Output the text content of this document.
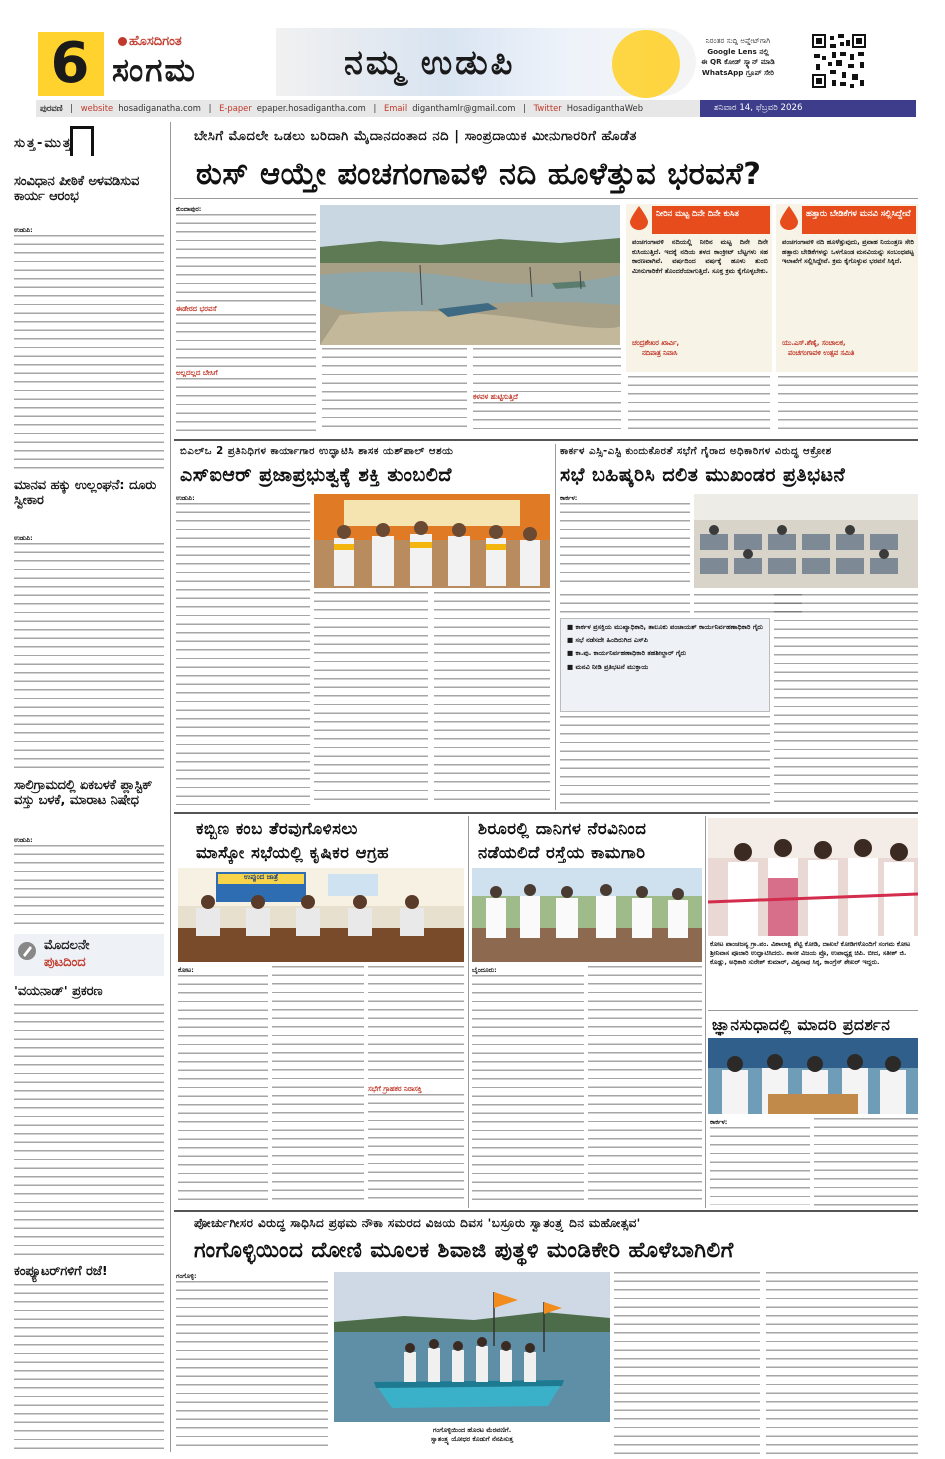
6	ಹೊಸದಿಗಂತ
ಸಂಗಮ	ನಮ್ಮ ಉಡುಪಿ
ನಿರಂತರ ಸುದ್ದಿ ಅಪ್ಡೇಟ್‌ಗಾಗಿ
Google Lens ನಲ್ಲಿ
ಈ QR ಕೋಡ್ ಸ್ಕ್ಯಾನ್ ಮಾಡಿ
WhatsApp ಗ್ರೂಪ್ ಸೇರಿ
ಪುರವಣಿ | website hosadiganatha.com | E-paper epaper.hosadigantha.com | Email diganthamlr@gmail.com | Twitter HosadiganthaWeb	ಶನಿವಾರ 14, ಫೆಬ್ರವರಿ 2026
ಸುತ್ತ-ಮುತ್ತ
ಸಂವಿಧಾನ ಪೀಠಿಕೆ ಅಳವಡಿಸುವ ಕಾರ್ಯ ಆರಂಭ
ಉಡುಪಿ:
ಮಾನವ ಹಕ್ಕು ಉಲ್ಲಂಘನೆ: ದೂರು ಸ್ವೀಕಾರ
ಉಡುಪಿ:
ಸಾಲಿಗ್ರಾಮದಲ್ಲಿ ಏಕಬಳಕೆ ಪ್ಲಾಸ್ಟಿಕ್ ವಸ್ತು ಬಳಕೆ, ಮಾರಾಟ ನಿಷೇಧ
ಉಡುಪಿ:
ಮೊದಲನೇ
ಪುಟದಿಂದ
'ವಯನಾಡ್' ಪ್ರಕರಣ
ಕಂಪ್ಯೂಟರ್‌ಗಳಿಗೆ ರಜೆ!
ಬೇಸಿಗೆ ಮೊದಲೇ ಒಡಲು ಬರಿದಾಗಿ ಮೈದಾನದಂತಾದ ನದಿ | ಸಾಂಪ್ರದಾಯಿಕ ಮೀನುಗಾರರಿಗೆ ಹೊಡೆತ
ಠುಸ್ ಆಯ್ತೇ ಪಂಚಗಂಗಾವಳಿ ನದಿ ಹೂಳೆತ್ತುವ ಭರವಸೆ?
ಕುಂದಾಪುರ:
ಈಡೇರದ ಭರವಸೆ
ಅಲ್ಲದಲ್ಲದ ಬೇಸಿಗೆ
ಕಳವಳ ಹುಟ್ಟಿಸುತ್ತಿದೆ
ನೀರಿನ ಮಟ್ಟ ದಿನೇ ದಿನೇ ಕುಸಿತ
ಪಂಚಗಂಗಾವಳಿ ನದಿಯಲ್ಲಿ ನೀರಿನ ಮಟ್ಟ ದಿನೇ ದಿನೇ ಕುಸಿಯುತ್ತಿದೆ. ಇದಕ್ಕೆ ನದಿಯ ತಳದ ಕಾಂಕ್ರೀಟ್ ಬೆಟ್ಟಗಳು ಸಹ ಕಾರಣವಾಗಿವೆ. ವರ್ಷದಿಂದ ವರ್ಷಕ್ಕೆ ಹೂಳು ತುಂಬಿ ಮೀನುಗಾರಿಕೆಗೆ ತೊಂದರೆಯಾಗುತ್ತಿದೆ. ಸೂಕ್ತ ಕ್ರಮ ಕೈಗೊಳ್ಳಬೇಕು.
ಚಂದ್ರಶೇಖರ ಖಾರ್ವಿ,
ನದಿಪಾತ್ರ ನಿವಾಸಿ
ಹತ್ತಾರು ಬೇಡಿಕೆಗಳ ಮನವಿ ಸಲ್ಲಿಸಿದ್ದೇವೆ
ಪಂಚಗಂಗಾವಳಿ ನದಿ ಹೂಳೆತ್ತುವುದು, ಪ್ರವಾಹ ನಿಯಂತ್ರಣ ಸೇರಿ ಹತ್ತಾರು ಬೇಡಿಕೆಗಳನ್ನು ಒಳಗೊಂಡ ಮನವಿಯನ್ನು ಸಂಬಂಧಪಟ್ಟ ಇಲಾಖೆಗೆ ಸಲ್ಲಿಸಿದ್ದೇವೆ. ಕ್ರಮ ಕೈಗೊಳ್ಳುವ ಭರವಸೆ ಸಿಕ್ಕಿದೆ.
ಯು.ಎಸ್.ಶೆಣೈ, ಸಂಚಾಲಕ,
ಪಂಚಗಂಗಾವಳಿ ಉತ್ಸವ ಸಮಿತಿ
ಬಿಎಲ್‌ಒ 2 ಪ್ರತಿನಿಧಿಗಳ ಕಾರ್ಯಾಗಾರ ಉದ್ಘಾಟಿಸಿ ಶಾಸಕ ಯಶ್‌ಪಾಲ್ ಆಶಯ
ಎಸ್‌ಐಆರ್ ಪ್ರಜಾಪ್ರಭುತ್ವಕ್ಕೆ ಶಕ್ತಿ ತುಂಬಲಿದೆ
ಉಡುಪಿ:
ಕಾರ್ಕಳ ಎಸ್ಸಿ-ಎಸ್ಟಿ ಕುಂದುಕೊರತೆ ಸಭೆಗೆ ಗೈರಾದ ಅಧಿಕಾರಿಗಳ ವಿರುದ್ಧ ಆಕ್ರೋಶ
ಸಭೆ ಬಹಿಷ್ಕರಿಸಿ ದಲಿತ ಮುಖಂಡರ ಪ್ರತಿಭಟನೆ
ಕಾರ್ಕಳ:
■ ಕಾರ್ಕಳ ಪ್ರಸಕ್ತಿಯ ಮುಖ್ಯಾಧಿಕಾರಿ, ತಾಲೂಕು ಪಂಚಾಯತ್ ಕಾರ್ಯನಿರ್ವಹಣಾಧಿಕಾರಿ ಗೈರು
■ ಸಭೆ ನಡೆಸದೇ ಹಿಂದಿರುಗಿದ ಎಸ್‌ಪಿ
■ ಕಾ.ಪು. ಕಾರ್ಯನಿರ್ವಹಣಾಧಿಕಾರಿ ತಹಶೀಲ್ದಾರ್ ಗೈರು
■ ಮನವಿ ನೀಡಿ ಪ್ರತಿಭಟನೆ ಮುಕ್ತಾಯ
ಕಬ್ಬಿಣ ಕಂಬ ತೆರವುಗೊಳಿಸಲು
ಮಾಸ್ಕೋ ಸಭೆಯಲ್ಲಿ ಕೃಷಿಕರ ಆಗ್ರಹ
ಉಪ್ಪುಂದ ಜಾತ್ರೆ
ಕೋಟ:
ಸಭೆಗೆ ಗ್ರಾಹಕರ ನಿರಾಸಕ್ತಿ
ಶಿರೂರಲ್ಲಿ ದಾನಿಗಳ ನೆರವಿನಿಂದ
ನಡೆಯಲಿದೆ ರಸ್ತೆಯ ಕಾಮಗಾರಿ
ಬೈಂದೂರು:
ಕೋಟ ಪಾಂಚಜನ್ಯ ಗ್ರಾ.ಪಂ. ವಿಶಾಲಾಕ್ಷಿ ಶೆಟ್ಟಿ ಕೋಡಿ, ದಾಖಲೆ ಕೋಡಿಗಳೊಂದಿಗೆ ಸಂಗಮ ಕೋಟ ಶ್ರೀನಿವಾಸ ಪೂಜಾರಿ ಉದ್ಘಾಟಿಸಿದರು. ಶಾಸಕ ವಿಜಯ ಪ್ರೊ, ಉಪಾಧ್ಯಕ್ಷ ಚಿಪಿ. ಬೀದ, ಸತೀಶ್ ಜಿ. ಕೊಡ್ಲು, ಅಧಿಕಾರಿ ಸುರೇಶ್ ಕುಮಾರ್, ವಿಶ್ವನಾಥ ಸಿಕ್ಕ, ಕಾಂಗ್ರೆಸ್ ಶೇಖರ್ ಇದ್ದರು.
ಜ್ಞಾನಸುಧಾದಲ್ಲಿ ಮಾದರಿ ಪ್ರದರ್ಶನ
ಕಾರ್ಕಳ:
ಪೋರ್ಚುಗೀಸರ ವಿರುದ್ಧ ಸಾಧಿಸಿದ ಪ್ರಥಮ ನೌಕಾ ಸಮರದ ವಿಜಯ ದಿವಸ 'ಬಸ್ರೂರು ಸ್ವಾತಂತ್ರ್ಯ ದಿನ ಮಹೋತ್ಸವ'
ಗಂಗೊಳ್ಳಿಯಿಂದ ದೋಣಿ ಮೂಲಕ ಶಿವಾಜಿ ಪುತ್ಥಳಿ ಮಂಡಿಕೇರಿ ಹೊಳೆಬಾಗಿಲಿಗೆ
ಗಂಗೊಳ್ಳಿ:
ಗಂಗೊಳ್ಳಿಯಿಂದ ಹೊರಟ ಮೆರವಣಿಗೆ.
ಸ್ವಾತಂತ್ರ್ಯ ಯೋಧರ ಕೊಡುಗೆ ನೆನಪಿಸುತ್ತ
